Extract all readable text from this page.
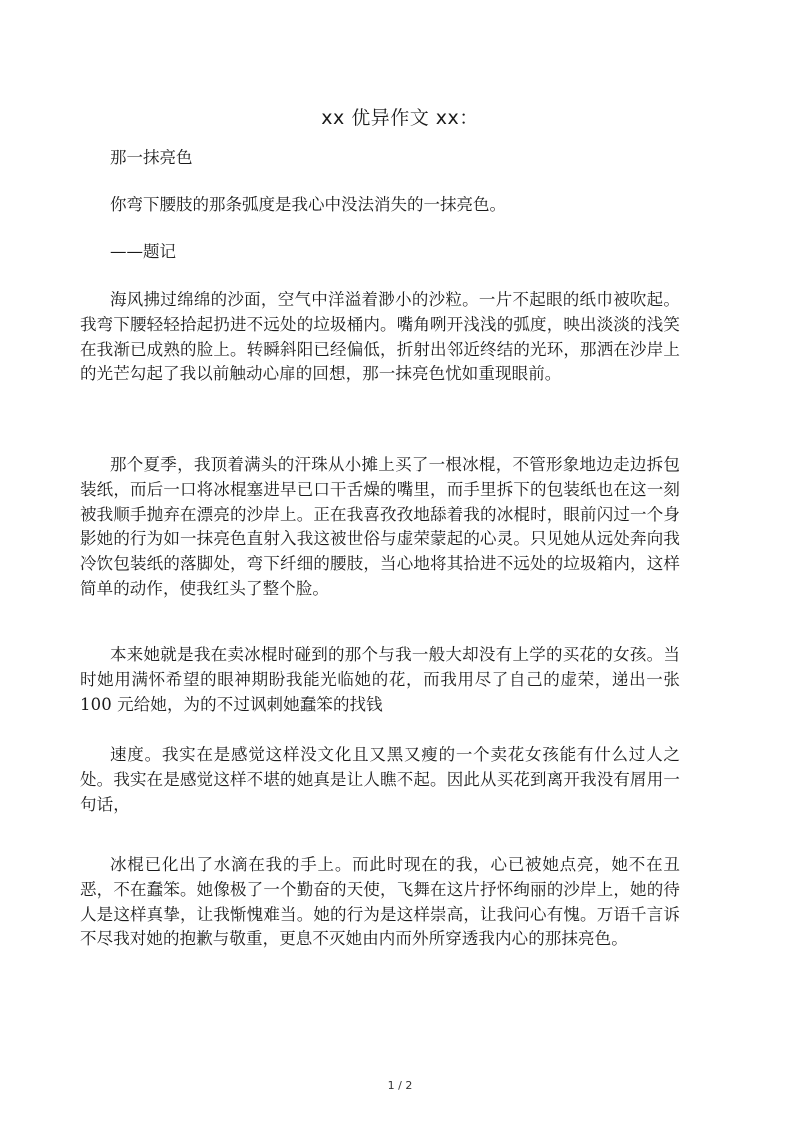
xx 优异作文 xx：
那一抹亮色
你弯下腰肢的那条弧度是我心中没法消失的一抹亮色。
——题记

海风拂过绵绵的沙面，空气中洋溢着渺小的沙粒。一片不起眼的纸巾被吹起。我弯下腰轻轻拾起扔进不远处的垃圾桶内。嘴角咧开浅浅的弧度，映出淡淡的浅笑在我渐已成熟的脸上。转瞬斜阳已经偏低，折射出邻近终结的光环，那洒在沙岸上的光芒勾起了我以前触动心扉的回想，那一抹亮色忧如重现眼前。

那个夏季，我顶着满头的汗珠从小摊上买了一根冰棍，不管形象地边走边拆包装纸，而后一口将冰棍塞进早已口干舌燥的嘴里，而手里拆下的包装纸也在这一刻被我顺手抛弃在漂亮的沙岸上。正在我喜孜孜地舔着我的冰棍时，眼前闪过一个身影她的行为如一抹亮色直射入我这被世俗与虚荣蒙起的心灵。只见她从远处奔向我冷饮包装纸的落脚处，弯下纤细的腰肢，当心地将其拾进不远处的垃圾箱内，这样简单的动作，使我红头了整个脸。

本来她就是我在卖冰棍时碰到的那个与我一般大却没有上学的买花的女孩。当时她用满怀希望的眼神期盼我能光临她的花，而我用尽了自己的虚荣，递出一张 100 元给她，为的不过讽刺她蠢笨的找钱

速度。我实在是感觉这样没文化且又黑又瘦的一个卖花女孩能有什么过人之处。我实在是感觉这样不堪的她真是让人瞧不起。因此从买花到离开我没有屑用一句话，

冰棍已化出了水滴在我的手上。而此时现在的我，心已被她点亮，她不在丑恶，不在蠢笨。她像极了一个勤奋的天使，飞舞在这片抒怀绚丽的沙岸上，她的待人是这样真挚，让我惭愧难当。她的行为是这样崇高，让我问心有愧。万语千言诉不尽我对她的抱歉与敬重，更息不灭她由内而外所穿透我内心的那抹亮色。

1 / 2
